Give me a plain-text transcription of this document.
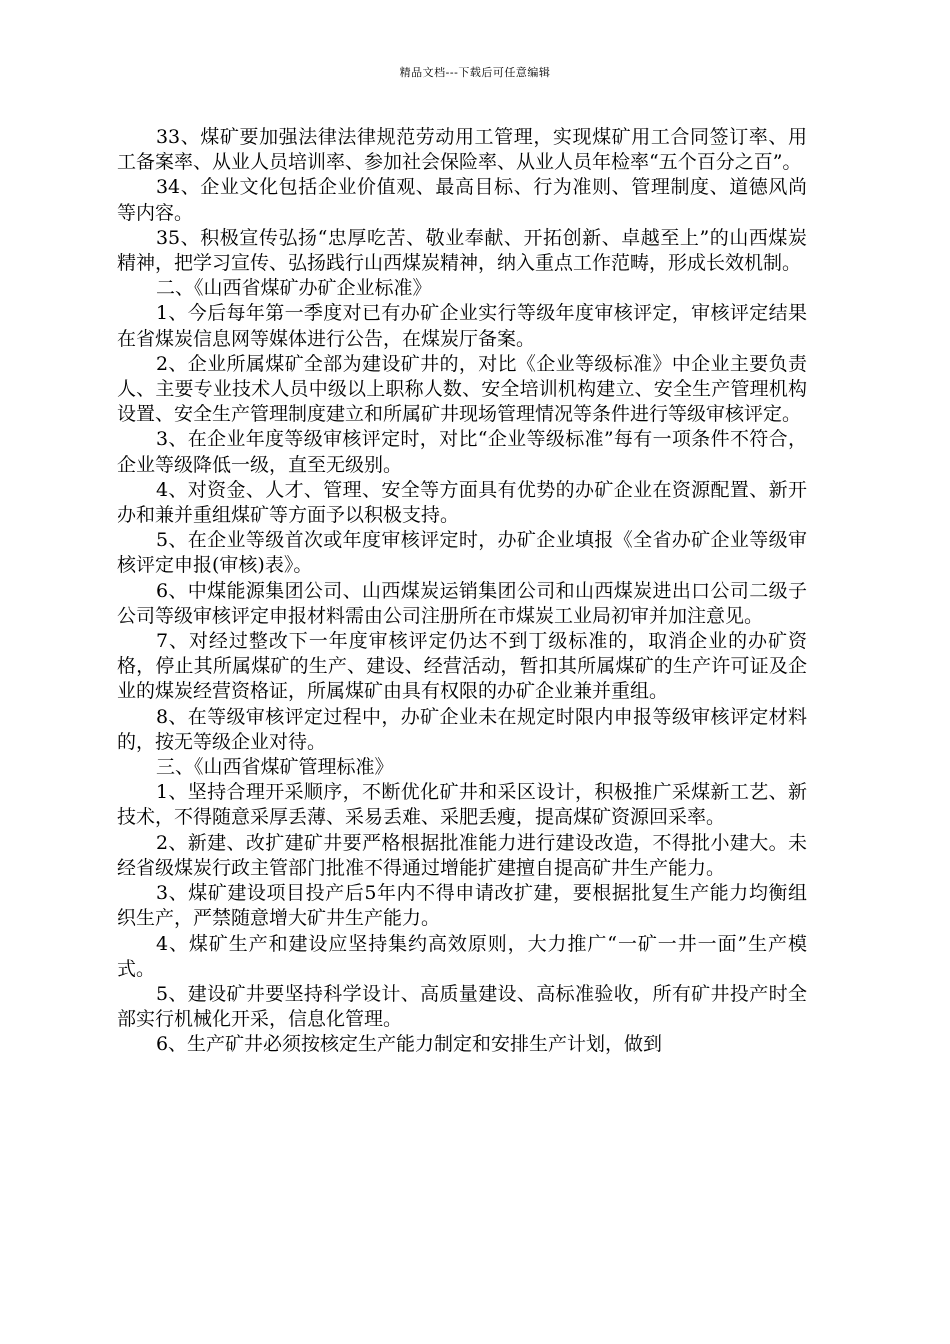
精品文档---下载后可任意编辑

33、煤矿要加强法律法律规范劳动用工管理，实现煤矿用工合同签订率、用工备案率、从业人员培训率、参加社会保险率、从业人员年检率“五个百分之百”。

34、企业文化包括企业价值观、最高目标、行为准则、管理制度、道德风尚等内容。

35、积极宣传弘扬“忠厚吃苦、敬业奉献、开拓创新、卓越至上”的山西煤炭精神，把学习宣传、弘扬践行山西煤炭精神，纳入重点工作范畴，形成长效机制。

二、《山西省煤矿办矿企业标准》

1、今后每年第一季度对已有办矿企业实行等级年度审核评定，审核评定结果在省煤炭信息网等媒体进行公告，在煤炭厅备案。

2、企业所属煤矿全部为建设矿井的，对比《企业等级标准》中企业主要负责人、主要专业技术人员中级以上职称人数、安全培训机构建立、安全生产管理机构设置、安全生产管理制度建立和所属矿井现场管理情况等条件进行等级审核评定。

3、在企业年度等级审核评定时，对比“企业等级标准”每有一项条件不符合，企业等级降低一级，直至无级别。

4、对资金、人才、管理、安全等方面具有优势的办矿企业在资源配置、新开办和兼并重组煤矿等方面予以积极支持。

5、在企业等级首次或年度审核评定时，办矿企业填报《全省办矿企业等级审核评定申报(审核)表》。

6、中煤能源集团公司、山西煤炭运销集团公司和山西煤炭进出口公司二级子公司等级审核评定申报材料需由公司注册所在市煤炭工业局初审并加注意见。

7、对经过整改下一年度审核评定仍达不到丁级标准的，取消企业的办矿资格，停止其所属煤矿的生产、建设、经营活动，暂扣其所属煤矿的生产许可证及企业的煤炭经营资格证，所属煤矿由具有权限的办矿企业兼并重组。

8、在等级审核评定过程中，办矿企业未在规定时限内申报等级审核评定材料的，按无等级企业对待。

三、《山西省煤矿管理标准》

1、坚持合理开采顺序，不断优化矿井和采区设计，积极推广采煤新工艺、新技术，不得随意采厚丢薄、采易丢难、采肥丢瘦，提高煤矿资源回采率。

2、新建、改扩建矿井要严格根据批准能力进行建设改造，不得批小建大。未经省级煤炭行政主管部门批准不得通过增能扩建擅自提高矿井生产能力。

3、煤矿建设项目投产后5年内不得申请改扩建，要根据批复生产能力均衡组织生产，严禁随意增大矿井生产能力。

4、煤矿生产和建设应坚持集约高效原则，大力推广“一矿一井一面”生产模式。

5、建设矿井要坚持科学设计、高质量建设、高标准验收，所有矿井投产时全部实行机械化开采，信息化管理。

6、生产矿井必须按核定生产能力制定和安排生产计划，做到
